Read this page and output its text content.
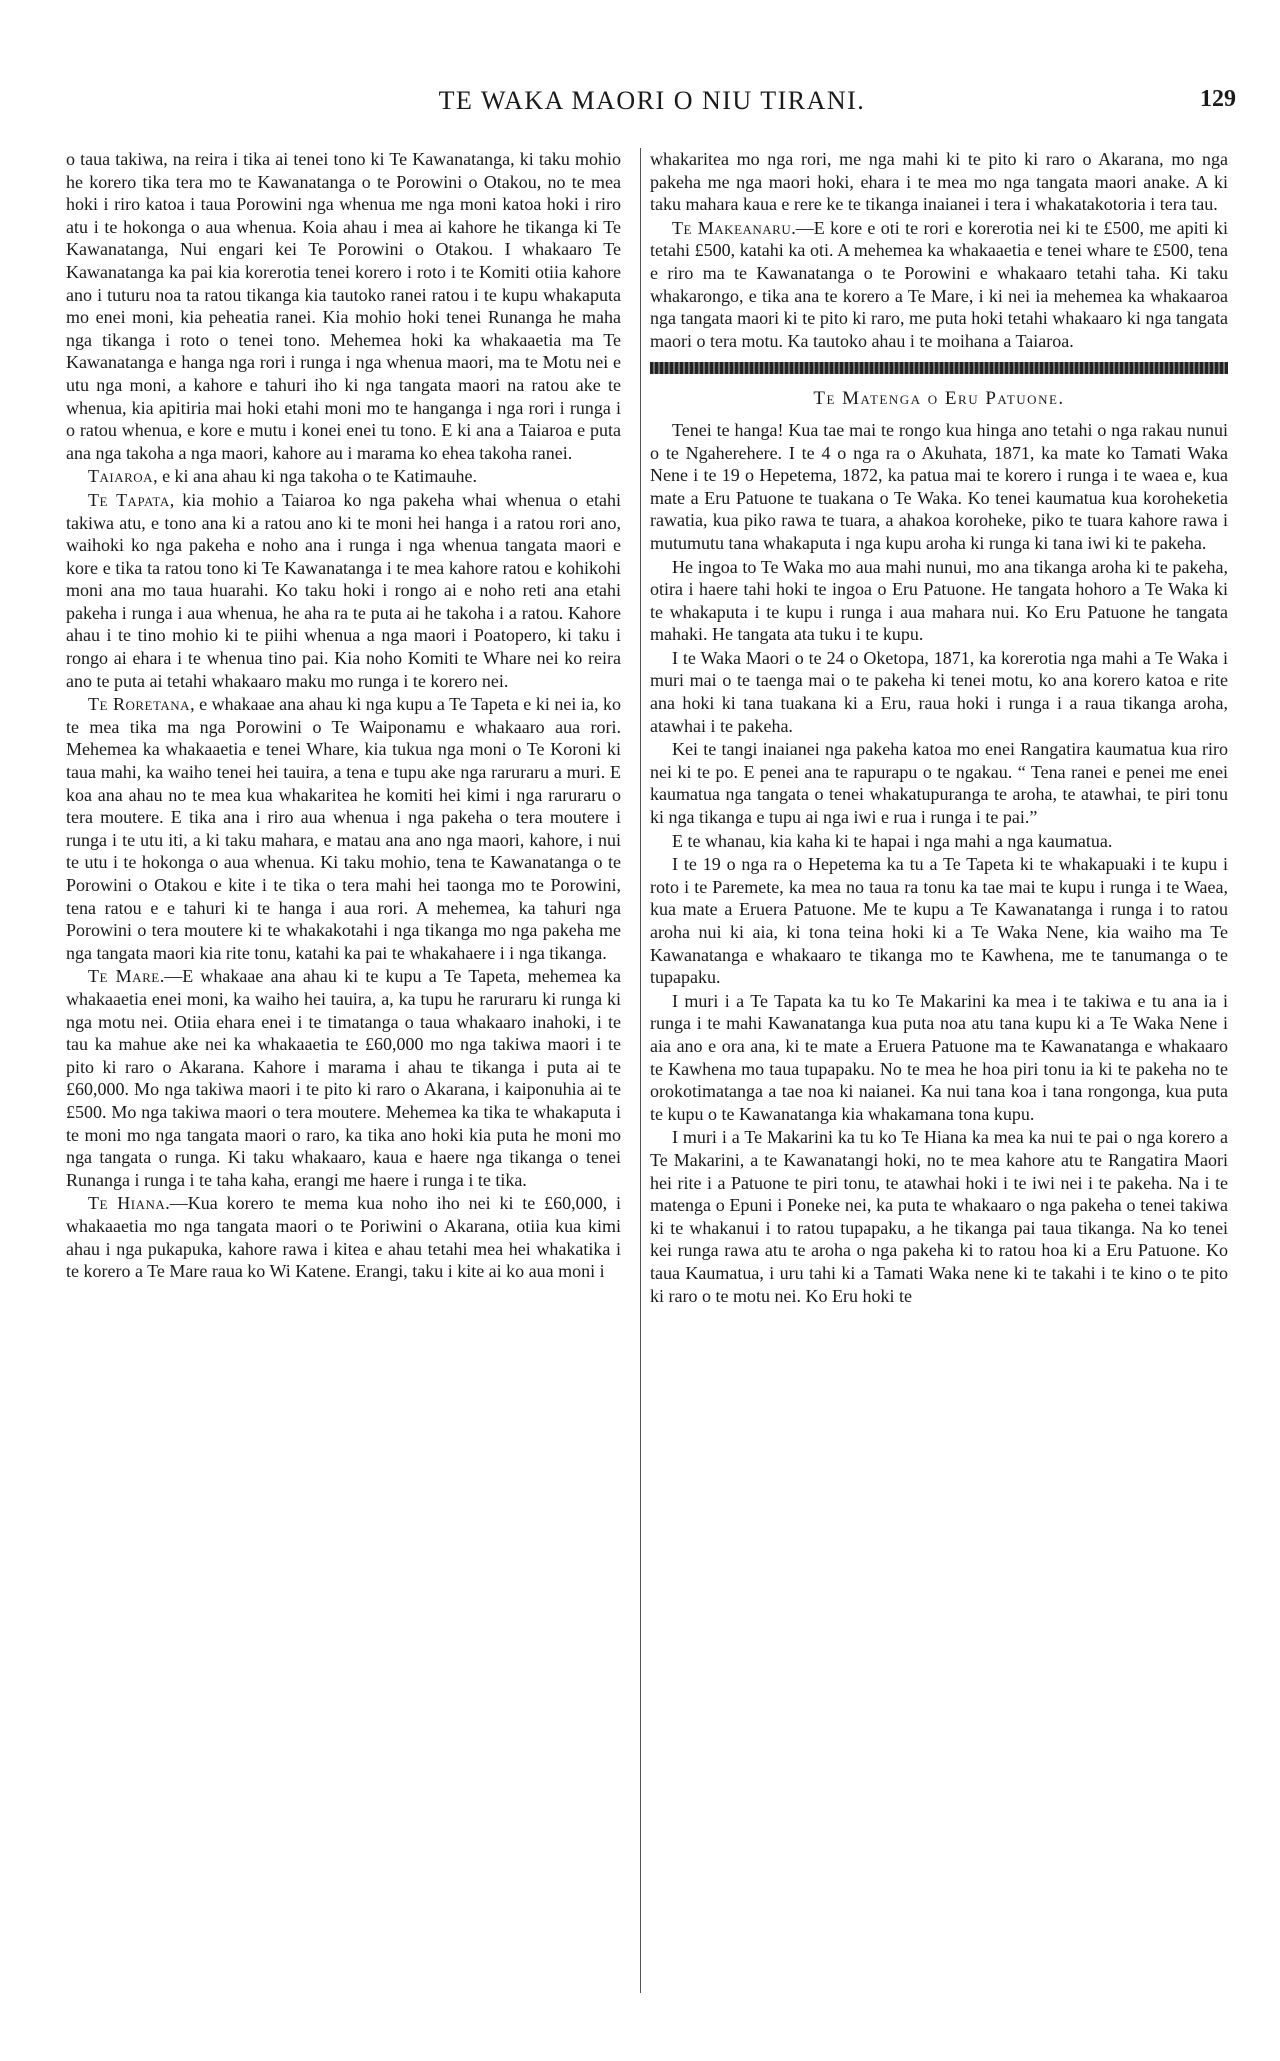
TE WAKA MAORI O NIU TIRANI.	129

o taua takiwa, na reira i tika ai tenei tono ki Te Kawanatanga, ki taku mohio he korero tika tera mo te Kawanatanga o te Porowini o Otakou, no te mea hoki i riro katoa i taua Porowini nga whenua me nga moni katoa hoki i riro atu i te hokonga o aua whenua. Koia ahau i mea ai kahore he tikanga ki Te Kawanatanga, Nui engari kei Te Porowini o Otakou. I whakaaro Te Kawanatanga ka pai kia korerotia tenei korero i roto i te Komiti otiia kahore ano i tuturu noa ta ratou tikanga kia tautoko ranei ratou i te kupu whakaputa mo enei moni, kia peheatia ranei. Kia mohio hoki tenei Runanga he maha nga tikanga i roto o tenei tono. Mehemea hoki ka whakaaetia ma Te Kawanatanga e hanga nga rori i runga i nga whenua maori, ma te Motu nei e utu nga moni, a kahore e tahuri iho ki nga tangata maori na ratou ake te whenua, kia apitiria mai hoki etahi moni mo te hanganga i nga rori i runga i o ratou whenua, e kore e mutu i konei enei tu tono. E ki ana a Taiaroa e puta ana nga takoha a nga maori, kahore au i marama ko ehea takoha ranei.

Taiaroa, e ki ana ahau ki nga takoha o te Katimauhe.

Te Tapata, kia mohio a Taiaroa ko nga pakeha whai whenua o etahi takiwa atu, e tono ana ki a ratou ano ki te moni hei hanga i a ratou rori ano, waihoki ko nga pakeha e noho ana i runga i nga whenua tangata maori e kore e tika ta ratou tono ki Te Kawanatanga i te mea kahore ratou e kohikohi moni ana mo taua huarahi. Ko taku hoki i rongo ai e noho reti ana etahi pakeha i runga i aua whenua, he aha ra te puta ai he takoha i a ratou. Kahore ahau i te tino mohio ki te piihi whenua a nga maori i Poatopero, ki taku i rongo ai ehara i te whenua tino pai. Kia noho Komiti te Whare nei ko reira ano te puta ai tetahi whakaaro maku mo runga i te korero nei.

Te Roretana, e whakaae ana ahau ki nga kupu a Te Tapeta e ki nei ia, ko te mea tika ma nga Porowini o Te Waiponamu e whakaaro aua rori. Mehemea ka whakaaetia e tenei Whare, kia tukua nga moni o Te Koroni ki taua mahi, ka waiho tenei hei tauira, a tena e tupu ake nga raruraru a muri. E koa ana ahau no te mea kua whakaritea he komiti hei kimi i nga raruraru o tera moutere. E tika ana i riro aua whenua i nga pakeha o tera moutere i runga i te utu iti, a ki taku mahara, e matau ana ano nga maori, kahore, i nui te utu i te hokonga o aua whenua. Ki taku mohio, tena te Kawanatanga o te Porowini o Otakou e kite i te tika o tera mahi hei taonga mo te Porowini, tena ratou e e tahuri ki te hanga i aua rori. A mehemea, ka tahuri nga Porowini o tera moutere ki te whakakotahi i nga tikanga mo nga pakeha me nga tangata maori kia rite tonu, katahi ka pai te whakahaere i i nga tikanga.

Te Mare.—E whakaae ana ahau ki te kupu a Te Tapeta, mehemea ka whakaaetia enei moni, ka waiho hei tauira, a, ka tupu he raruraru ki runga ki nga motu nei. Otiia ehara enei i te timatanga o taua whakaaro inahoki, i te tau ka mahue ake nei ka whakaaetia te £60,000 mo nga takiwa maori i te pito ki raro o Akarana. Kahore i marama i ahau te tikanga i puta ai te £60,000. Mo nga takiwa maori i te pito ki raro o Akarana, i kaiponuhia ai te £500. Mo nga takiwa maori o tera moutere. Mehemea ka tika te whakaputa i te moni mo nga tangata maori o raro, ka tika ano hoki kia puta he moni mo nga tangata o runga. Ki taku whakaaro, kaua e haere nga tikanga o tenei Runanga i runga i te taha kaha, erangi me haere i runga i te tika.

Te Hiana.—Kua korero te mema kua noho iho nei ki te £60,000, i whakaaetia mo nga tangata maori o te Poriwini o Akarana, otiia kua kimi ahau i nga pukapuka, kahore rawa i kitea e ahau tetahi mea hei whakatika i te korero a Te Mare raua ko Wi Katene. Erangi, taku i kite ai ko aua moni i

whakaritea mo nga rori, me nga mahi ki te pito ki raro o Akarana, mo nga pakeha me nga maori hoki, ehara i te mea mo nga tangata maori anake. A ki taku mahara kaua e rere ke te tikanga inaianei i tera i whakatakotoria i tera tau.

Te Makeanaru.—E kore e oti te rori e korerotia nei ki te £500, me apiti ki tetahi £500, katahi ka oti. A mehemea ka whakaaetia e tenei whare te £500, tena e riro ma te Kawanatanga o te Porowini e whakaaro tetahi taha. Ki taku whakarongo, e tika ana te korero a Te Mare, i ki nei ia mehemea ka whakaaroa nga tangata maori ki te pito ki raro, me puta hoki tetahi whakaaro ki nga tangata maori o tera motu. Ka tautoko ahau i te moihana a Taiaroa.

Te Matenga o Eru Patuone.

Tenei te hanga! Kua tae mai te rongo kua hinga ano tetahi o nga rakau nunui o te Ngaherehere. I te 4 o nga ra o Akuhata, 1871, ka mate ko Tamati Waka Nene i te 19 o Hepetema, 1872, ka patua mai te korero i runga i te waea e, kua mate a Eru Patuone te tuakana o Te Waka. Ko tenei kaumatua kua koroheketia rawatia, kua piko rawa te tuara, a ahakoa koroheke, piko te tuara kahore rawa i mutumutu tana whakaputa i nga kupu aroha ki runga ki tana iwi ki te pakeha.

He ingoa to Te Waka mo aua mahi nunui, mo ana tikanga aroha ki te pakeha, otira i haere tahi hoki te ingoa o Eru Patuone. He tangata hohoro a Te Waka ki te whakaputa i te kupu i runga i aua mahara nui. Ko Eru Patuone he tangata mahaki. He tangata ata tuku i te kupu.

I te Waka Maori o te 24 o Oketopa, 1871, ka korerotia nga mahi a Te Waka i muri mai o te taenga mai o te pakeha ki tenei motu, ko ana korero katoa e rite ana hoki ki tana tuakana ki a Eru, raua hoki i runga i a raua tikanga aroha, atawhai i te pakeha.

Kei te tangi inaianei nga pakeha katoa mo enei Rangatira kaumatua kua riro nei ki te po. E penei ana te rapurapu o te ngakau. “ Tena ranei e penei me enei kaumatua nga tangata o tenei whakatupuranga te aroha, te atawhai, te piri tonu ki nga tikanga e tupu ai nga iwi e rua i runga i te pai.”

E te whanau, kia kaha ki te hapai i nga mahi a nga kaumatua.

I te 19 o nga ra o Hepetema ka tu a Te Tapeta ki te whakapuaki i te kupu i roto i te Paremete, ka mea no taua ra tonu ka tae mai te kupu i runga i te Waea, kua mate a Eruera Patuone. Me te kupu a Te Kawanatanga i runga i to ratou aroha nui ki aia, ki tona teina hoki ki a Te Waka Nene, kia waiho ma Te Kawanatanga e whakaaro te tikanga mo te Kawhena, me te tanumanga o te tupapaku.

I muri i a Te Tapata ka tu ko Te Makarini ka mea i te takiwa e tu ana ia i runga i te mahi Kawanatanga kua puta noa atu tana kupu ki a Te Waka Nene i aia ano e ora ana, ki te mate a Eruera Patuone ma te Kawanatanga e whakaaro te Kawhena mo taua tupapaku. No te mea he hoa piri tonu ia ki te pakeha no te orokotimatanga a tae noa ki naianei. Ka nui tana koa i tana rongonga, kua puta te kupu o te Kawanatanga kia whakamana tona kupu.

I muri i a Te Makarini ka tu ko Te Hiana ka mea ka nui te pai o nga korero a Te Makarini, a te Kawanatangi hoki, no te mea kahore atu te Rangatira Maori hei rite i a Patuone te piri tonu, te atawhai hoki i te iwi nei i te pakeha. Na i te matenga o Epuni i Poneke nei, ka puta te whakaaro o nga pakeha o tenei takiwa ki te whakanui i to ratou tupapaku, a he tikanga pai taua tikanga. Na ko tenei kei runga rawa atu te aroha o nga pakeha ki to ratou hoa ki a Eru Patuone. Ko taua Kaumatua, i uru tahi ki a Tamati Waka nene ki te takahi i te kino o te pito ki raro o te motu nei. Ko Eru hoki te
